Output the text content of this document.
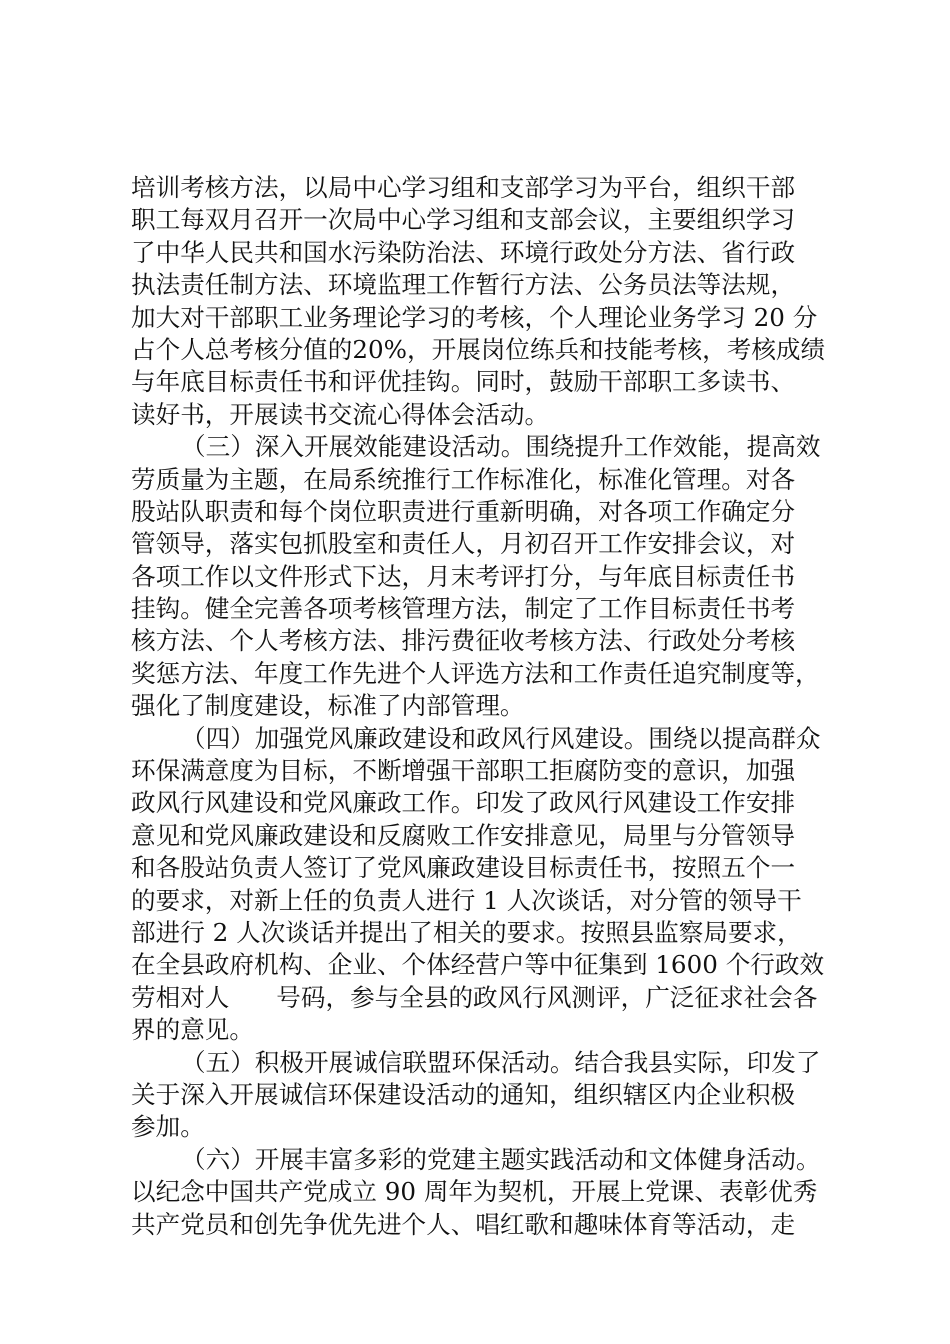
培训考核方法，以局中心学习组和支部学习为平台，组织干部
职工每双月召开一次局中心学习组和支部会议，主要组织学习
了中华人民共和国水污染防治法、环境行政处分方法、省行政
执法责任制方法、环境监理工作暂行方法、公务员法等法规，
加大对干部职工业务理论学习的考核，个人理论业务学习 20 分
占个人总考核分值的20%，开展岗位练兵和技能考核，考核成绩
与年底目标责任书和评优挂钩。同时，鼓励干部职工多读书、
读好书，开展读书交流心得体会活动。
（三）深入开展效能建设活动。围绕提升工作效能，提高效
劳质量为主题，在局系统推行工作标准化，标准化管理。对各
股站队职责和每个岗位职责进行重新明确，对各项工作确定分
管领导，落实包抓股室和责任人，月初召开工作安排会议，对
各项工作以文件形式下达，月末考评打分，与年底目标责任书
挂钩。健全完善各项考核管理方法，制定了工作目标责任书考
核方法、个人考核方法、排污费征收考核方法、行政处分考核
奖惩方法、年度工作先进个人评选方法和工作责任追究制度等，
强化了制度建设，标准了内部管理。
（四）加强党风廉政建设和政风行风建设。围绕以提高群众
环保满意度为目标，不断增强干部职工拒腐防变的意识，加强
政风行风建设和党风廉政工作。印发了政风行风建设工作安排
意见和党风廉政建设和反腐败工作安排意见，局里与分管领导
和各股站负责人签订了党风廉政建设目标责任书，按照五个一
的要求，对新上任的负责人进行 1 人次谈话，对分管的领导干
部进行 2 人次谈话并提出了相关的要求。按照县监察局要求，
在全县政府机构、企业、个体经营户等中征集到 1600 个行政效
劳相对人      号码，参与全县的政风行风测评，广泛征求社会各
界的意见。
（五）积极开展诚信联盟环保活动。结合我县实际，印发了
关于深入开展诚信环保建设活动的通知，组织辖区内企业积极
参加。
（六）开展丰富多彩的党建主题实践活动和文体健身活动。
以纪念中国共产党成立 90 周年为契机，开展上党课、表彰优秀
共产党员和创先争优先进个人、唱红歌和趣味体育等活动，走
